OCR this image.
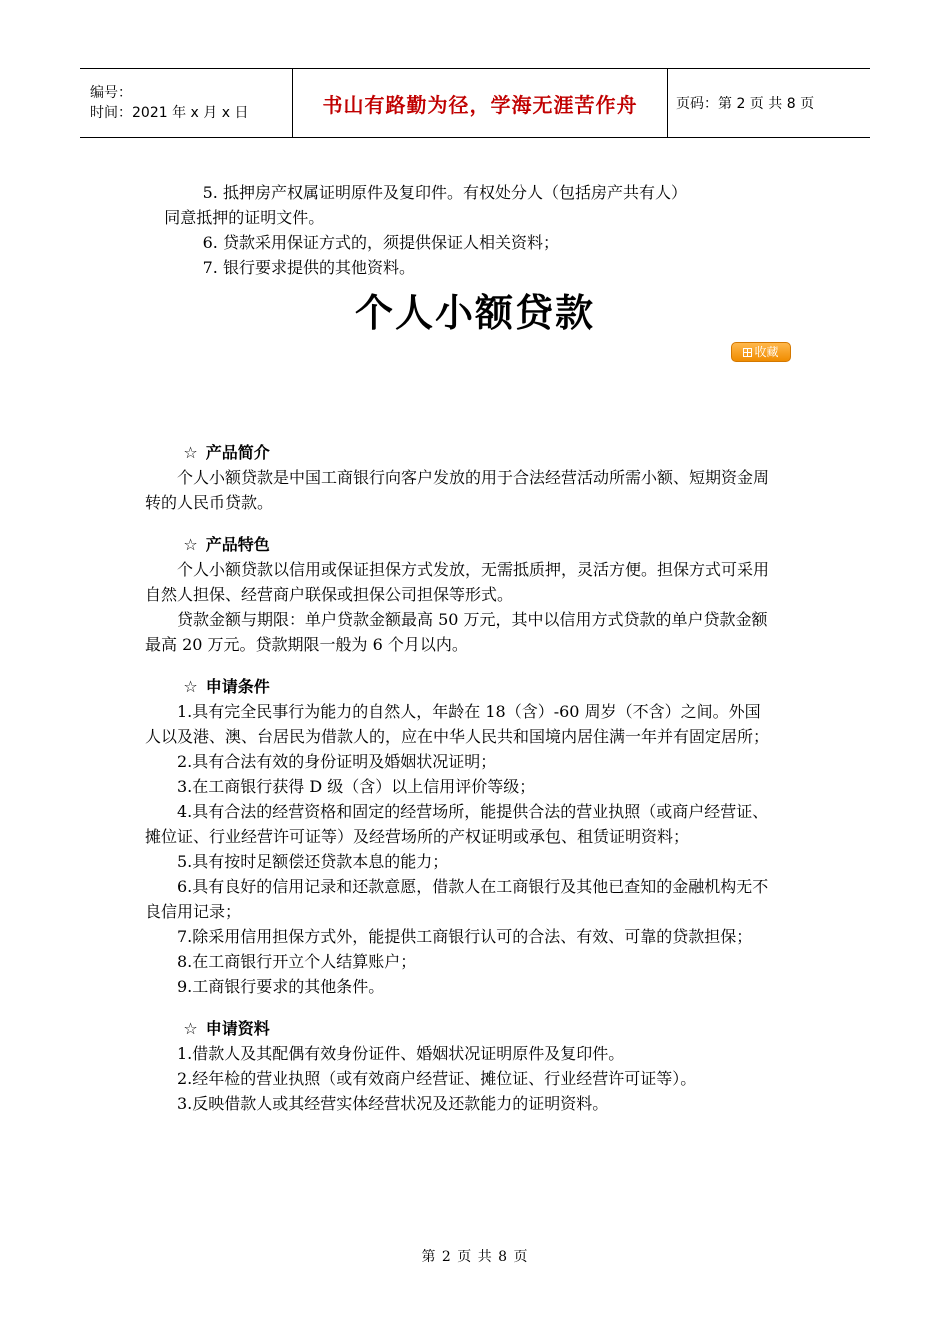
编号：
时间：2021 年 x 月 x 日	书山有路勤为径，学海无涯苦作舟	页码：第 2 页 共 8 页

5. 抵押房产权属证明原件及复印件。有权处分人（包括房产共有人）

同意抵押的证明文件。

6. 贷款采用保证方式的，须提供保证人相关资料；

7. 银行要求提供的其他资料。

个人小额贷款
收藏
☆ 产品简介

个人小额贷款是中国工商银行向客户发放的用于合法经营活动所需小额、短期资金周转的人民币贷款。

☆ 产品特色

个人小额贷款以信用或保证担保方式发放，无需抵质押，灵活方便。担保方式可采用自然人担保、经营商户联保或担保公司担保等形式。

贷款金额与期限：单户贷款金额最高 50 万元，其中以信用方式贷款的单户贷款金额最高 20 万元。贷款期限一般为 6 个月以内。

☆ 申请条件

1.具有完全民事行为能力的自然人，年龄在 18（含）-60 周岁（不含）之间。外国人以及港、澳、台居民为借款人的，应在中华人民共和国境内居住满一年并有固定居所；

2.具有合法有效的身份证明及婚姻状况证明；

3.在工商银行获得 D 级（含）以上信用评价等级；

4.具有合法的经营资格和固定的经营场所，能提供合法的营业执照（或商户经营证、摊位证、行业经营许可证等）及经营场所的产权证明或承包、租赁证明资料；

5.具有按时足额偿还贷款本息的能力；

6.具有良好的信用记录和还款意愿，借款人在工商银行及其他已查知的金融机构无不良信用记录；

7.除采用信用担保方式外，能提供工商银行认可的合法、有效、可靠的贷款担保；

8.在工商银行开立个人结算账户；

9.工商银行要求的其他条件。

☆ 申请资料

1.借款人及其配偶有效身份证件、婚姻状况证明原件及复印件。

2.经年检的营业执照（或有效商户经营证、摊位证、行业经营许可证等）。

3.反映借款人或其经营实体经营状况及还款能力的证明资料。

第 2 页 共 8 页
